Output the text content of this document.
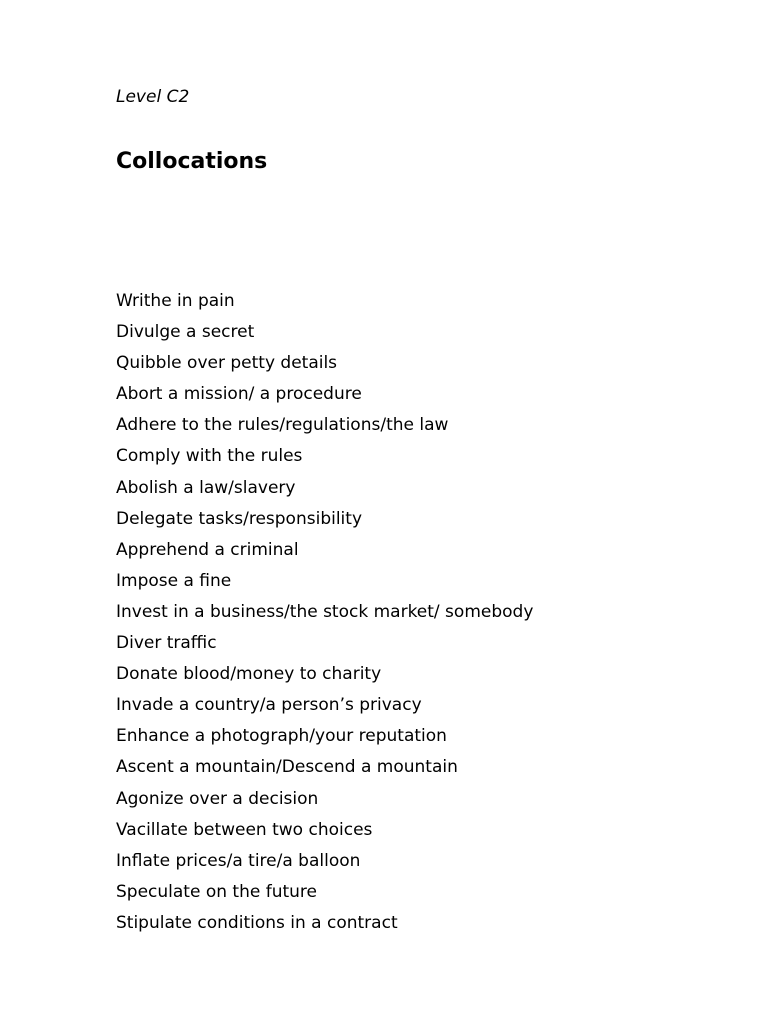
Level C2
Collocations
Writhe in pain
Divulge a secret
Quibble over petty details
Abort a mission/ a procedure
Adhere to the rules/regulations/the law
Comply with the rules
Abolish a law/slavery
Delegate tasks/responsibility
Apprehend a criminal
Impose a fine
Invest in a business/the stock market/ somebody
Diver traffic
Donate blood/money to charity
Invade a country/a person’s privacy
Enhance a photograph/your reputation
Ascent a mountain/Descend a mountain
Agonize over a decision
Vacillate between two choices
Inflate prices/a tire/a balloon
Speculate on the future
Stipulate conditions in a contract
